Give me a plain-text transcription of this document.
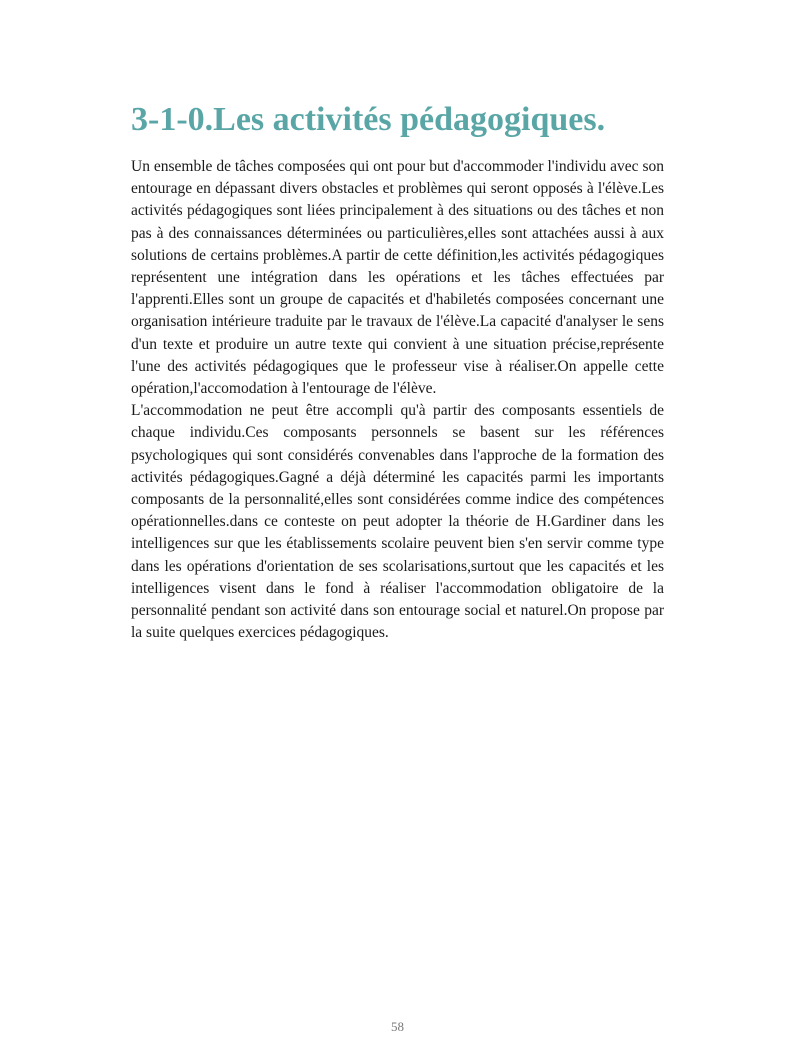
3-1-0.Les activités pédagogiques.

Un ensemble de tâches composées qui ont pour but d'accommoder l'individu avec son entourage en dépassant divers obstacles et problèmes qui seront opposés à l'élève.Les activités pédagogiques sont liées principalement à des situations ou des tâches et non pas à des connaissances déterminées ou particulières,elles sont attachées aussi à aux solutions de certains problèmes.A partir de cette définition,les activités pédagogiques représentent une intégration dans les opérations et les tâches effectuées par l'apprenti.Elles sont un groupe de capacités et d'habiletés composées concernant une organisation intérieure traduite par le travaux de l'élève.La capacité d'analyser le sens d'un texte et produire un autre texte qui convient à une situation précise,représente l'une des activités pédagogiques que le professeur vise à réaliser.On appelle cette opération,l'accomodation à l'entourage de l'élève.

L'accommodation ne peut être accompli qu'à partir des composants essentiels de chaque individu.Ces composants personnels se basent sur les références psychologiques qui sont considérés convenables dans l'approche de la formation des activités pédagogiques.Gagné a déjà déterminé les capacités parmi les importants composants de la personnalité,elles sont considérées comme indice des compétences opérationnelles.dans ce conteste on peut adopter la théorie de H.Gardiner dans les intelligences sur que les établissements scolaire peuvent bien s'en servir comme type dans les opérations d'orientation de ses scolarisations,surtout que les capacités et les intelligences visent dans le fond à réaliser l'accommodation obligatoire de la personnalité pendant son activité dans son entourage social et naturel.On propose par la suite quelques exercices pédagogiques.

58
